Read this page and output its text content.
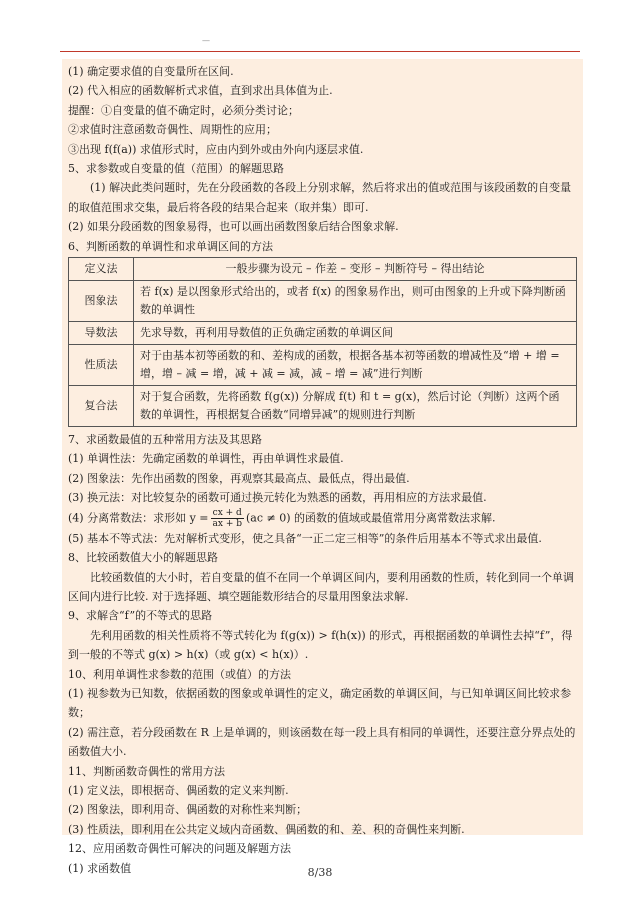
—
(1) 确定要求值的自变量所在区间.
(2) 代入相应的函数解析式求值，直到求出具体值为止.
提醒：①自变量的值不确定时，必须分类讨论；
②求值时注意函数奇偶性、周期性的应用；
③出现 f(f(a)) 求值形式时，应由内到外或由外向内逐层求值.
5、求参数或自变量的值（范围）的解题思路
(1) 解决此类问题时，先在分段函数的各段上分别求解，然后将求出的值或范围与该段函数的自变量的取值范围求交集，最后将各段的结果合起来（取并集）即可.
(2) 如果分段函数的图象易得，也可以画出函数图象后结合图象求解.
6、判断函数的单调性和求单调区间的方法
定义法	一般步骤为设元 – 作差 – 变形 – 判断符号 – 得出结论
图象法	若 f(x) 是以图象形式给出的，或者 f(x) 的图象易作出，则可由图象的上升或下降判断函数的单调性
导数法	先求导数，再利用导数值的正负确定函数的单调区间
性质法	对于由基本初等函数的和、差构成的函数，根据各基本初等函数的增减性及“增 + 增 = 增，增 – 减 = 增，减 + 减 = 减，减 – 增 = 减”进行判断
复合法	对于复合函数，先将函数 f(g(x)) 分解成 f(t) 和 t = g(x)，然后讨论（判断）这两个函数的单调性，再根据复合函数“同增异减”的规则进行判断
7、求函数最值的五种常用方法及其思路
(1) 单调性法：先确定函数的单调性，再由单调性求最值.
(2) 图象法：先作出函数的图象，再观察其最高点、最低点，得出最值.
(3) 换元法：对比较复杂的函数可通过换元转化为熟悉的函数，再用相应的方法求最值.
(4) 分离常数法：求形如 $y = \frac{cx + d}{ax + b} (ac \ne 0)$ 的函数的值域或最值常用分离常数法求解.
(5) 基本不等式法：先对解析式变形，使之具备“一正二定三相等”的条件后用基本不等式求出最值.
8、比较函数值大小的解题思路
比较函数值的大小时，若自变量的值不在同一个单调区间内，要利用函数的性质，转化到同一个单调区间内进行比较. 对于选择题、填空题能数形结合的尽量用图象法求解.
9、求解含“f”的不等式的思路
先利用函数的相关性质将不等式转化为 f(g(x)) > f(h(x)) 的形式，再根据函数的单调性去掉“f”，得到一般的不等式 g(x) > h(x)（或 g(x) < h(x)）.
10、利用单调性求参数的范围（或值）的方法
(1) 视参数为已知数，依据函数的图象或单调性的定义，确定函数的单调区间，与已知单调区间比较求参数；
(2) 需注意，若分段函数在 R 上是单调的，则该函数在每一段上具有相同的单调性，还要注意分界点处的函数值大小.
11、判断函数奇偶性的常用方法
(1) 定义法，即根据奇、偶函数的定义来判断.
(2) 图象法，即利用奇、偶函数的对称性来判断；
(3) 性质法，即利用在公共定义域内奇函数、偶函数的和、差、积的奇偶性来判断.
12、应用函数奇偶性可解决的问题及解题方法
(1) 求函数值	8/38
